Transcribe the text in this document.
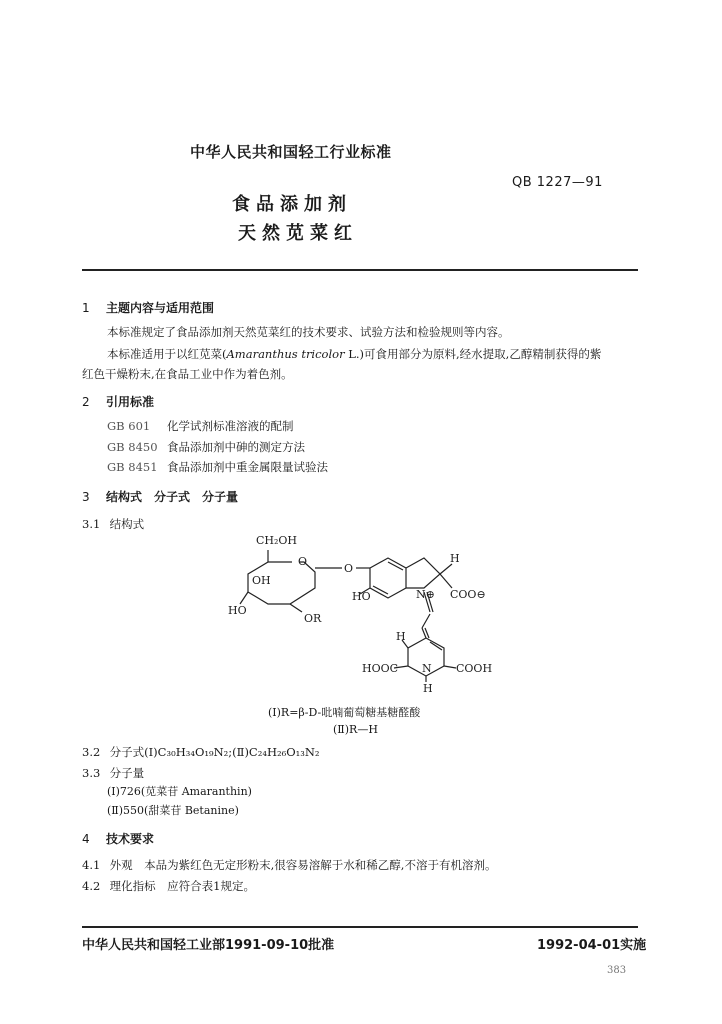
中华人民共和国轻工行业标准
QB 1227—91
食品添加剂
天然苋菜红
1 主题内容与适用范围
本标准规定了食品添加剂天然苋菜红的技术要求、试验方法和检验规则等内容。
本标准适用于以红苋菜(Amaranthus tricolor L.)可食用部分为原料,经水提取,乙醇精制获得的紫
红色干燥粉末,在食品工业中作为着色剂。
2 引用标准
GB 601 化学试剂标准溶液的配制
GB 8450 食品添加剂中砷的测定方法
GB 8451 食品添加剂中重金属限量试验法
3 结构式　分子式　分子量
3.1 结构式
CH₂OH
O
OH
HO
OR
O
HO	N⊕
H
COO⊖
H
HOOC N COOH
H
(Ⅰ)R=β-D-吡喃葡萄糖基糖醛酸
(Ⅱ)R—H
3.2 分子式(Ⅰ)C₃₀H₃₄O₁₉N₂;(Ⅱ)C₂₄H₂₆O₁₃N₂
3.3 分子量
(Ⅰ)726(苋菜苷 Amaranthin)
(Ⅱ)550(甜菜苷 Betanine)
4 技术要求
4.1 外观　本品为紫红色无定形粉末,很容易溶解于水和稀乙醇,不溶于有机溶剂。
4.2 理化指标　应符合表1规定。
中华人民共和国轻工业部1991-09-10批准	1992-04-01实施
383
